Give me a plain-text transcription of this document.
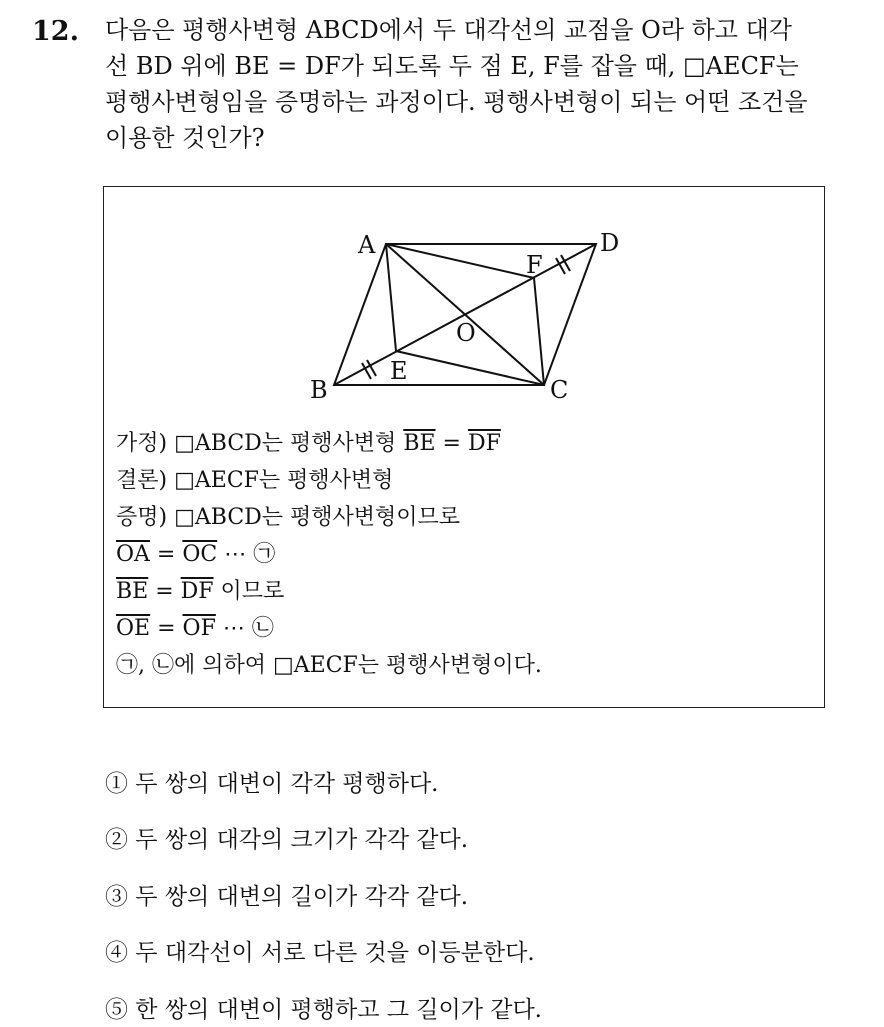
12. 다음은 평행사변형 ABCD에서 두 대각선의 교점을 O라 하고 대각
선 BD 위에 BE = DF가 되도록 두 점 E, F를 잡을 때, □AECF는
평행사변형임을 증명하는 과정이다. 평행사변형이 되는 어떤 조건을
이용한 것인가?
A	D
B	C
E
F
O
가정) □ABCD는 평행사변형 $\overline{BE} = \overline{DF}$
결론) □AECF는 평행사변형
증명) □ABCD는 평행사변형이므로
$\overline{OA} = \overline{OC}$ ⋯ ㉠
$\overline{BE} = \overline{DF}$ 이므로
$\overline{OE} = \overline{OF}$ ⋯ ㉡
㉠, ㉡에 의하여 □AECF는 평행사변형이다.
① 두 쌍의 대변이 각각 평행하다.
② 두 쌍의 대각의 크기가 각각 같다.
③ 두 쌍의 대변의 길이가 각각 같다.
④ 두 대각선이 서로 다른 것을 이등분한다.
⑤ 한 쌍의 대변이 평행하고 그 길이가 같다.
